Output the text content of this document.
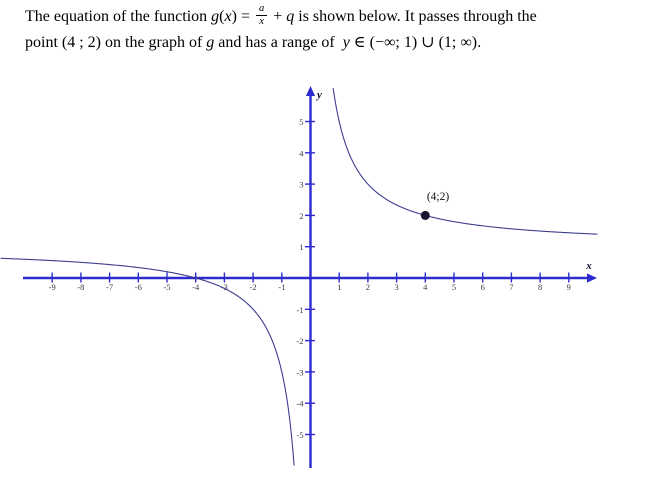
-9	-8	-7	-6	-5	-4	-3	-2	-1	1	2	3	4	5	6	7	8	9
-5
-4
-3
-2
-1
1
2
3
4
5
x
y
(4;2)
The equation of the function $g(x) = \frac{a}{x} + q$ is shown below. It passes through the
point (4 ; 2) on the graph of g and has a range of y ∈ (−∞; 1) ∪ (1; ∞).
